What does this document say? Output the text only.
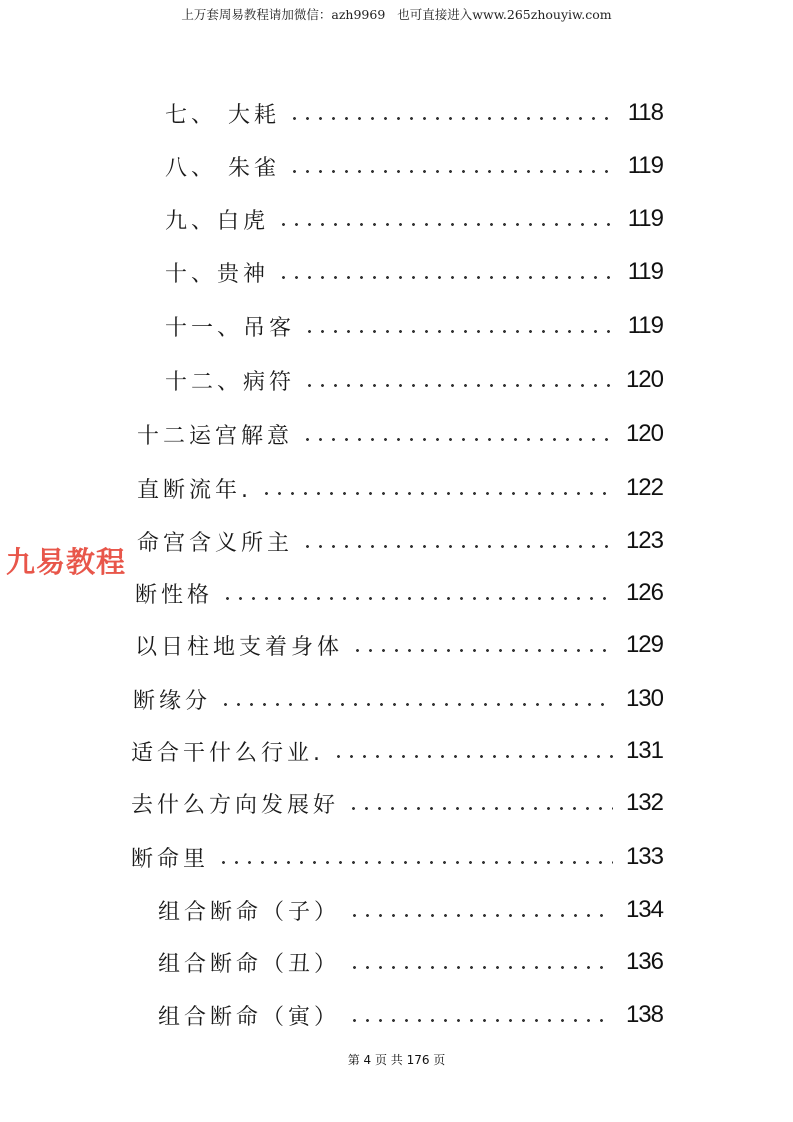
上万套周易教程请加微信：azh9969 也可直接进入www.265zhouyiw.com
九易教程
七、 大耗	118
八、 朱雀	119
九、白虎	119
十、贵神	119
十一、吊客	119
十二、病符	120
十二运宫解意	120
直断流年.	122
命宫含义所主	123
断性格	126
以日柱地支着身体	129
断缘分	130
适合干什么行业.	131
去什么方向发展好	132
断命里	133
组合断命（子）	134
组合断命（丑）	136
组合断命（寅）	138
第 4 页 共 176 页
